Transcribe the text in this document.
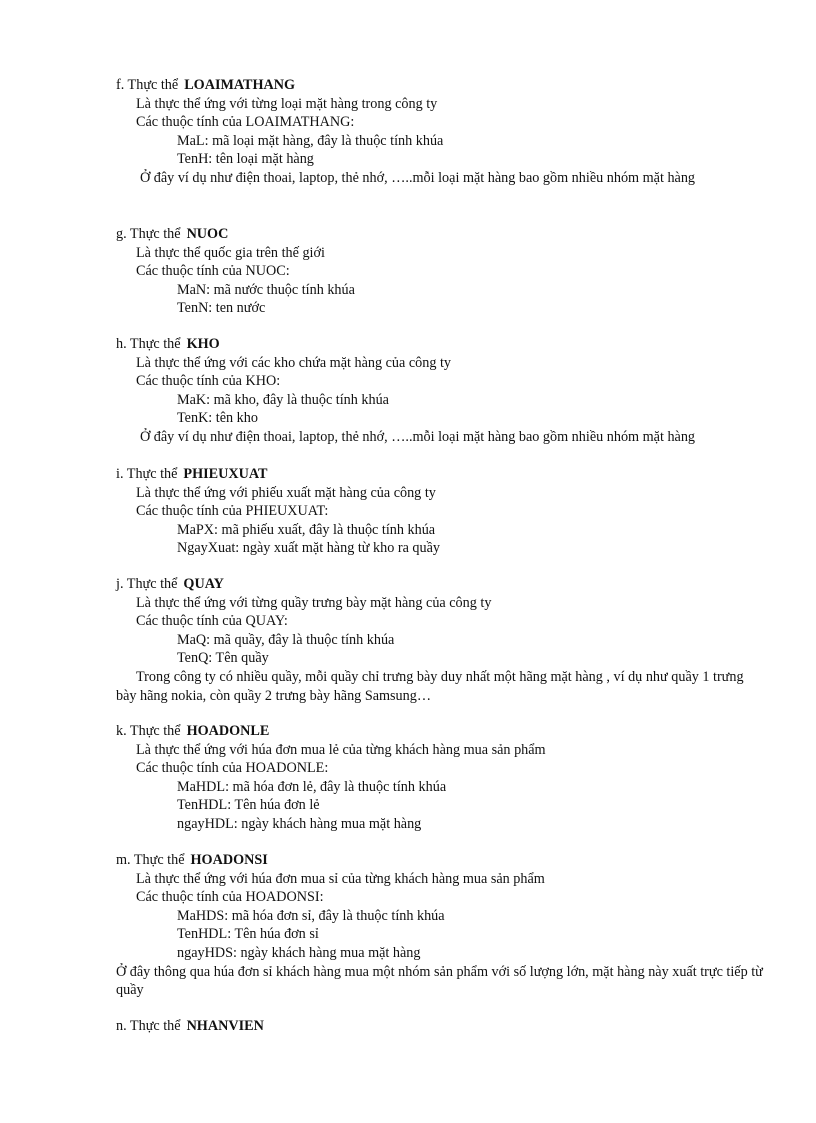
f. Thực thể LOAIMATHANG
Là thực thể ứng với từng loại mặt hàng trong công ty
Các thuộc tính của LOAIMATHANG:
MaL: mã loại mặt hàng, đây là thuộc tính khúa
TenH: tên loại mặt hàng
Ở đây ví dụ như điện thoai, laptop, thẻ nhớ, …..mỗi loại mặt hàng bao gồm nhiều nhóm mặt hàng
g. Thực thể NUOC
Là thực thể quốc gia trên thế giới
Các thuộc tính của NUOC:
MaN: mã nước thuộc tính khúa
TenN: ten nước
h. Thực thể KHO
Là thực thể ứng với các kho chứa mặt hàng của công ty
Các thuộc tính của KHO:
MaK: mã kho, đây là thuộc tính khúa
TenK: tên kho
Ở đây ví dụ như điện thoai, laptop, thẻ nhớ, …..mỗi loại mặt hàng bao gồm nhiều nhóm mặt hàng
i. Thực thể PHIEUXUAT
Là thực thể ứng với phiếu xuất mặt hàng của công ty
Các thuộc tính của PHIEUXUAT:
MaPX: mã phiếu xuất, đây là thuộc tính khúa
NgayXuat: ngày xuất mặt hàng từ kho ra quầy
j. Thực thể QUAY
Là thực thể ứng với từng quầy trưng bày mặt hàng của công ty
Các thuộc tính của QUAY:
MaQ: mã quầy, đây là thuộc tính khúa
TenQ: Tên quầy
Trong công ty có nhiều quầy, mỗi quầy chỉ trưng bày duy nhất một hãng mặt hàng , ví dụ như quầy 1 trưng bày hãng nokia, còn quầy 2 trưng bày hãng Samsung…
k. Thực thể HOADONLE
Là thực thể ứng với húa đơn mua lẻ của từng khách hàng mua sản phẩm
Các thuộc tính của HOADONLE:
MaHDL: mã hóa đơn lẻ, đây là thuộc tính khúa
TenHDL: Tên húa đơn lẻ
ngayHDL: ngày khách hàng mua mặt hàng
m. Thực thể HOADONSI
Là thực thể ứng với húa đơn mua sỉ của từng khách hàng mua sản phẩm
Các thuộc tính của HOADONSI:
MaHDS: mã hóa đơn sỉ, đây là thuộc tính khúa
TenHDL: Tên húa đơn sỉ
ngayHDS: ngày khách hàng mua mặt hàng
Ở đây thông qua húa đơn sỉ khách hàng mua một nhóm sản phẩm với số lượng lớn, mặt hàng này xuất trực tiếp từ quầy
n. Thực thể NHANVIEN
